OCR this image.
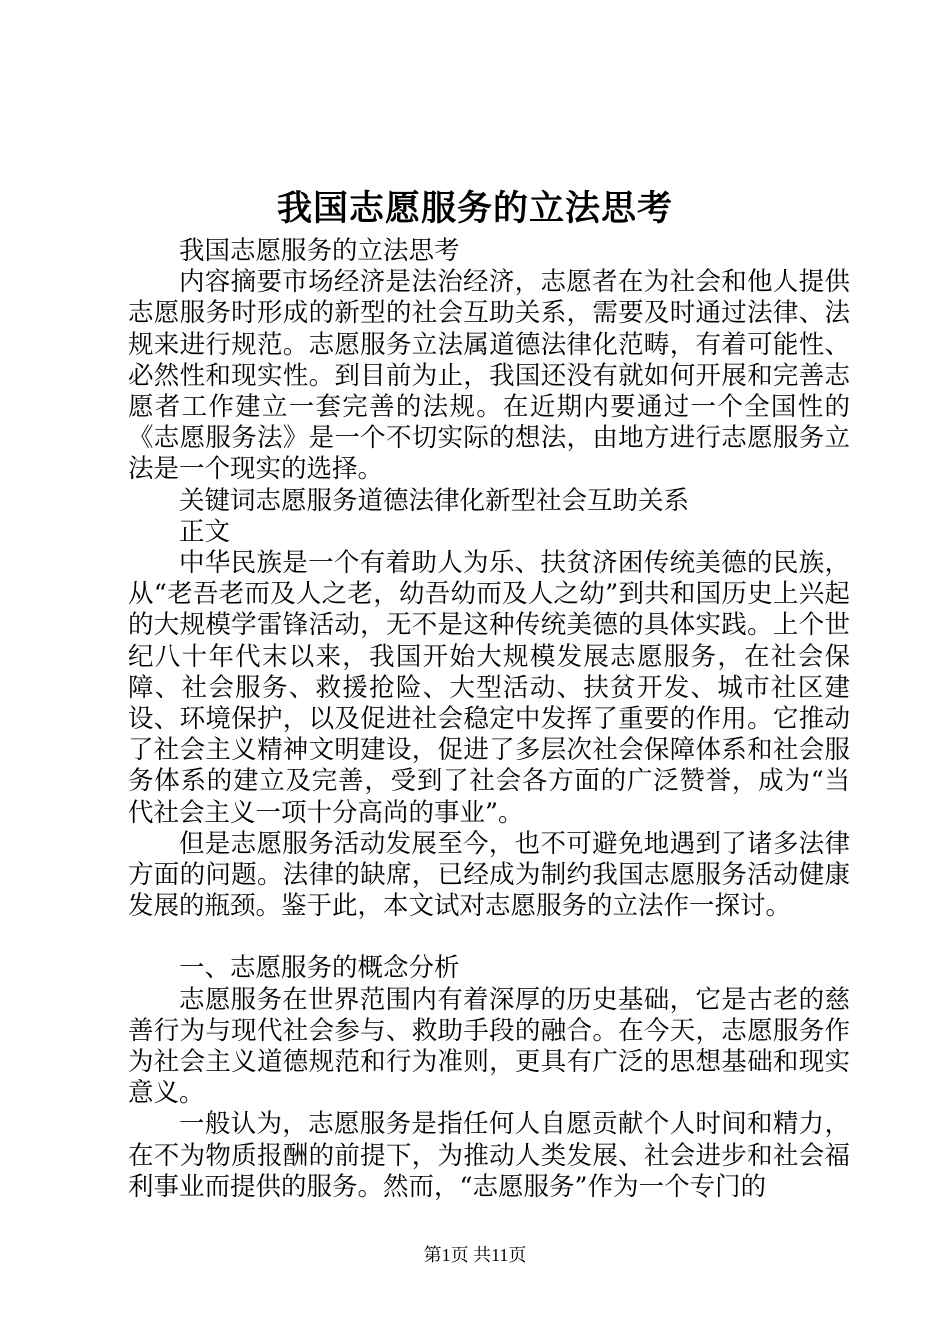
我国志愿服务的立法思考

我国志愿服务的立法思考

内容摘要市场经济是法治经济，志愿者在为社会和他人提供志愿服务时形成的新型的社会互助关系，需要及时通过法律、法规来进行规范。志愿服务立法属道德法律化范畴，有着可能性、必然性和现实性。到目前为止，我国还没有就如何开展和完善志愿者工作建立一套完善的法规。在近期内要通过一个全国性的《志愿服务法》是一个不切实际的想法，由地方进行志愿服务立法是一个现实的选择。

关键词志愿服务道德法律化新型社会互助关系

正文

中华民族是一个有着助人为乐、扶贫济困传统美德的民族，从“老吾老而及人之老，幼吾幼而及人之幼”到共和国历史上兴起的大规模学雷锋活动，无不是这种传统美德的具体实践。上个世纪八十年代末以来，我国开始大规模发展志愿服务，在社会保障、社会服务、救援抢险、大型活动、扶贫开发、城市社区建设、环境保护，以及促进社会稳定中发挥了重要的作用。它推动了社会主义精神文明建设，促进了多层次社会保障体系和社会服务体系的建立及完善，受到了社会各方面的广泛赞誉，成为“当代社会主义一项十分高尚的事业”。

但是志愿服务活动发展至今，也不可避免地遇到了诸多法律方面的问题。法律的缺席，已经成为制约我国志愿服务活动健康发展的瓶颈。鉴于此，本文试对志愿服务的立法作一探讨。

一、志愿服务的概念分析

志愿服务在世界范围内有着深厚的历史基础，它是古老的慈善行为与现代社会参与、救助手段的融合。在今天，志愿服务作为社会主义道德规范和行为准则，更具有广泛的思想基础和现实意义。

一般认为，志愿服务是指任何人自愿贡献个人时间和精力，在不为物质报酬的前提下，为推动人类发展、社会进步和社会福利事业而提供的服务。然而，“志愿服务”作为一个专门的

第1页 共11页
